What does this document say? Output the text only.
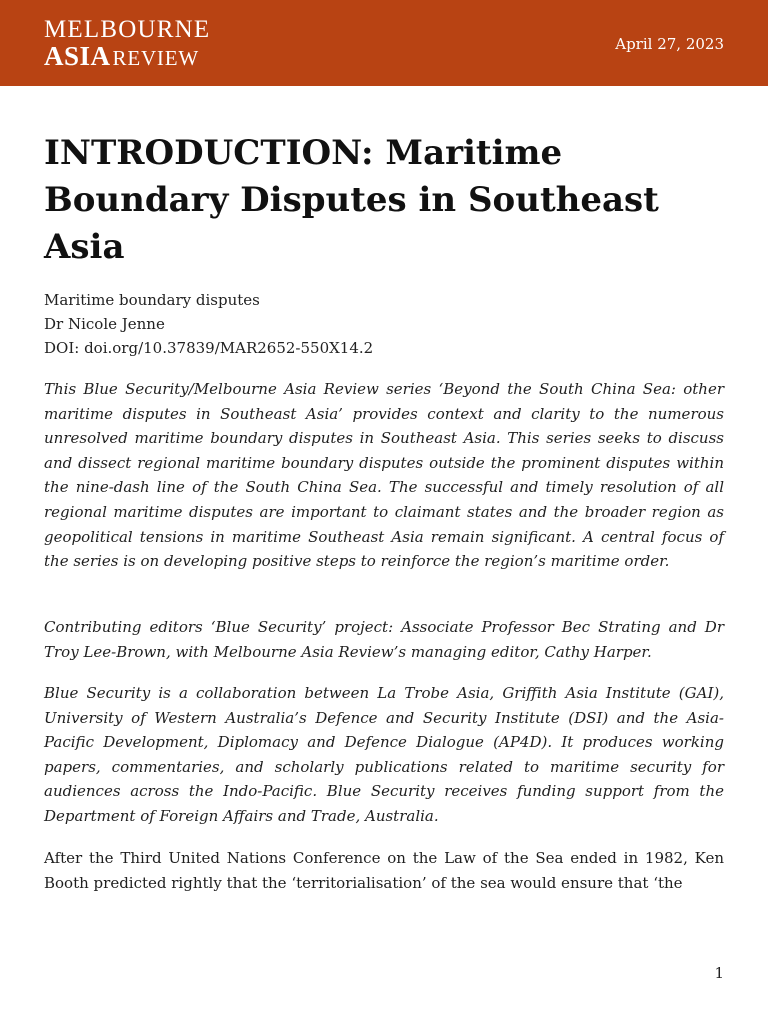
MELBOURNE
ASIAREVIEW
April 27, 2023
INTRODUCTION: Maritime Boundary Disputes in Southeast Asia
Maritime boundary disputes
Dr Nicole Jenne
DOI: doi.org/10.37839/MAR2652-550X14.2

This Blue Security/Melbourne Asia Review series ‘Beyond the South China Sea: other maritime disputes in Southeast Asia’ provides context and clarity to the numerous unresolved maritime boundary disputes in Southeast Asia. This series seeks to discuss and dissect regional maritime boundary disputes outside the prominent disputes within the nine-dash line of the South China Sea. The successful and timely resolution of all regional maritime disputes are important to claimant states and the broader region as geopolitical tensions in maritime Southeast Asia remain significant. A central focus of the series is on developing positive steps to reinforce the region’s maritime order.

Contributing editors ‘Blue Security’ project: Associate Professor Bec Strating and Dr Troy Lee-Brown, with Melbourne Asia Review’s managing editor, Cathy Harper.

Blue Security is a collaboration between La Trobe Asia, Griffith Asia Institute (GAI), University of Western Australia’s Defence and Security Institute (DSI) and the Asia-Pacific Development, Diplomacy and Defence Dialogue (AP4D). It produces working papers, commentaries, and scholarly publications related to maritime security for audiences across the Indo-Pacific. Blue Security receives funding support from the Department of Foreign Affairs and Trade, Australia.

After the Third United Nations Conference on the Law of the Sea ended in 1982, Ken Booth predicted rightly that the ‘territorialisation’ of the sea would ensure that ‘the

1
